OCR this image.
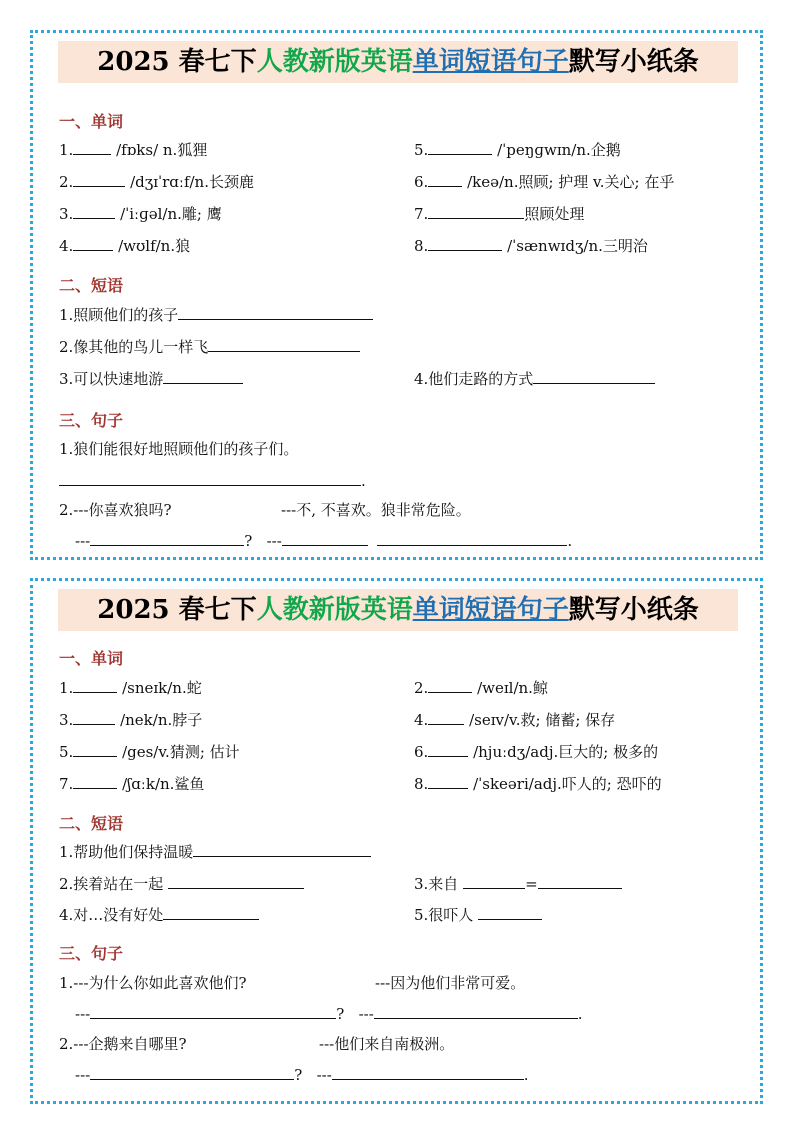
2025 春七下人教新版英语单词短语句子默写小纸条
一、单词
1.	/fɒks/ n.狐狸	5.	/ˈpeŋɡwɪn/n.企鹅
2.	/dʒɪˈrɑːf/n.长颈鹿	6. /keə/n.照顾; 护理 v.关心; 在乎
3.	/ˈiːɡəl/n.雕; 鹰	7.	照顾处理
4.	/wʊlf/n.狼	8.	/ˈsænwɪdʒ/n.三明治
二、短语
1.照顾他们的孩子
2.像其他的鸟儿一样飞
3.可以快速地游	4.他们走路的方式
三、句子
1.狼们能很好地照顾他们的孩子们。
.
2.---你喜欢狼吗?	---不, 不喜欢。狼非常危险。
---	? ---	.
2025 春七下人教新版英语单词短语句子默写小纸条
一、单词
1.	/sneɪk/n.蛇	2.	/weɪl/n.鲸
3.	/nek/n.脖子	4. /seɪv/v.救; 储蓄; 保存
5.	/ges/v.猜测; 估计	6.	/hjuːdʒ/adj.巨大的; 极多的
7.	/ʃɑːk/n.鲨鱼	8.	/ˈskeəri/adj.吓人的; 恐吓的
二、短语
1.帮助他们保持温暖
2.挨着站在一起	3.来自	=
4.对…没有好处	5.很吓人
三、句子
1.---为什么你如此喜欢他们?	---因为他们非常可爱。
---	? ---	.
2.---企鹅来自哪里?	---他们来自南极洲。
---	? ---	.
